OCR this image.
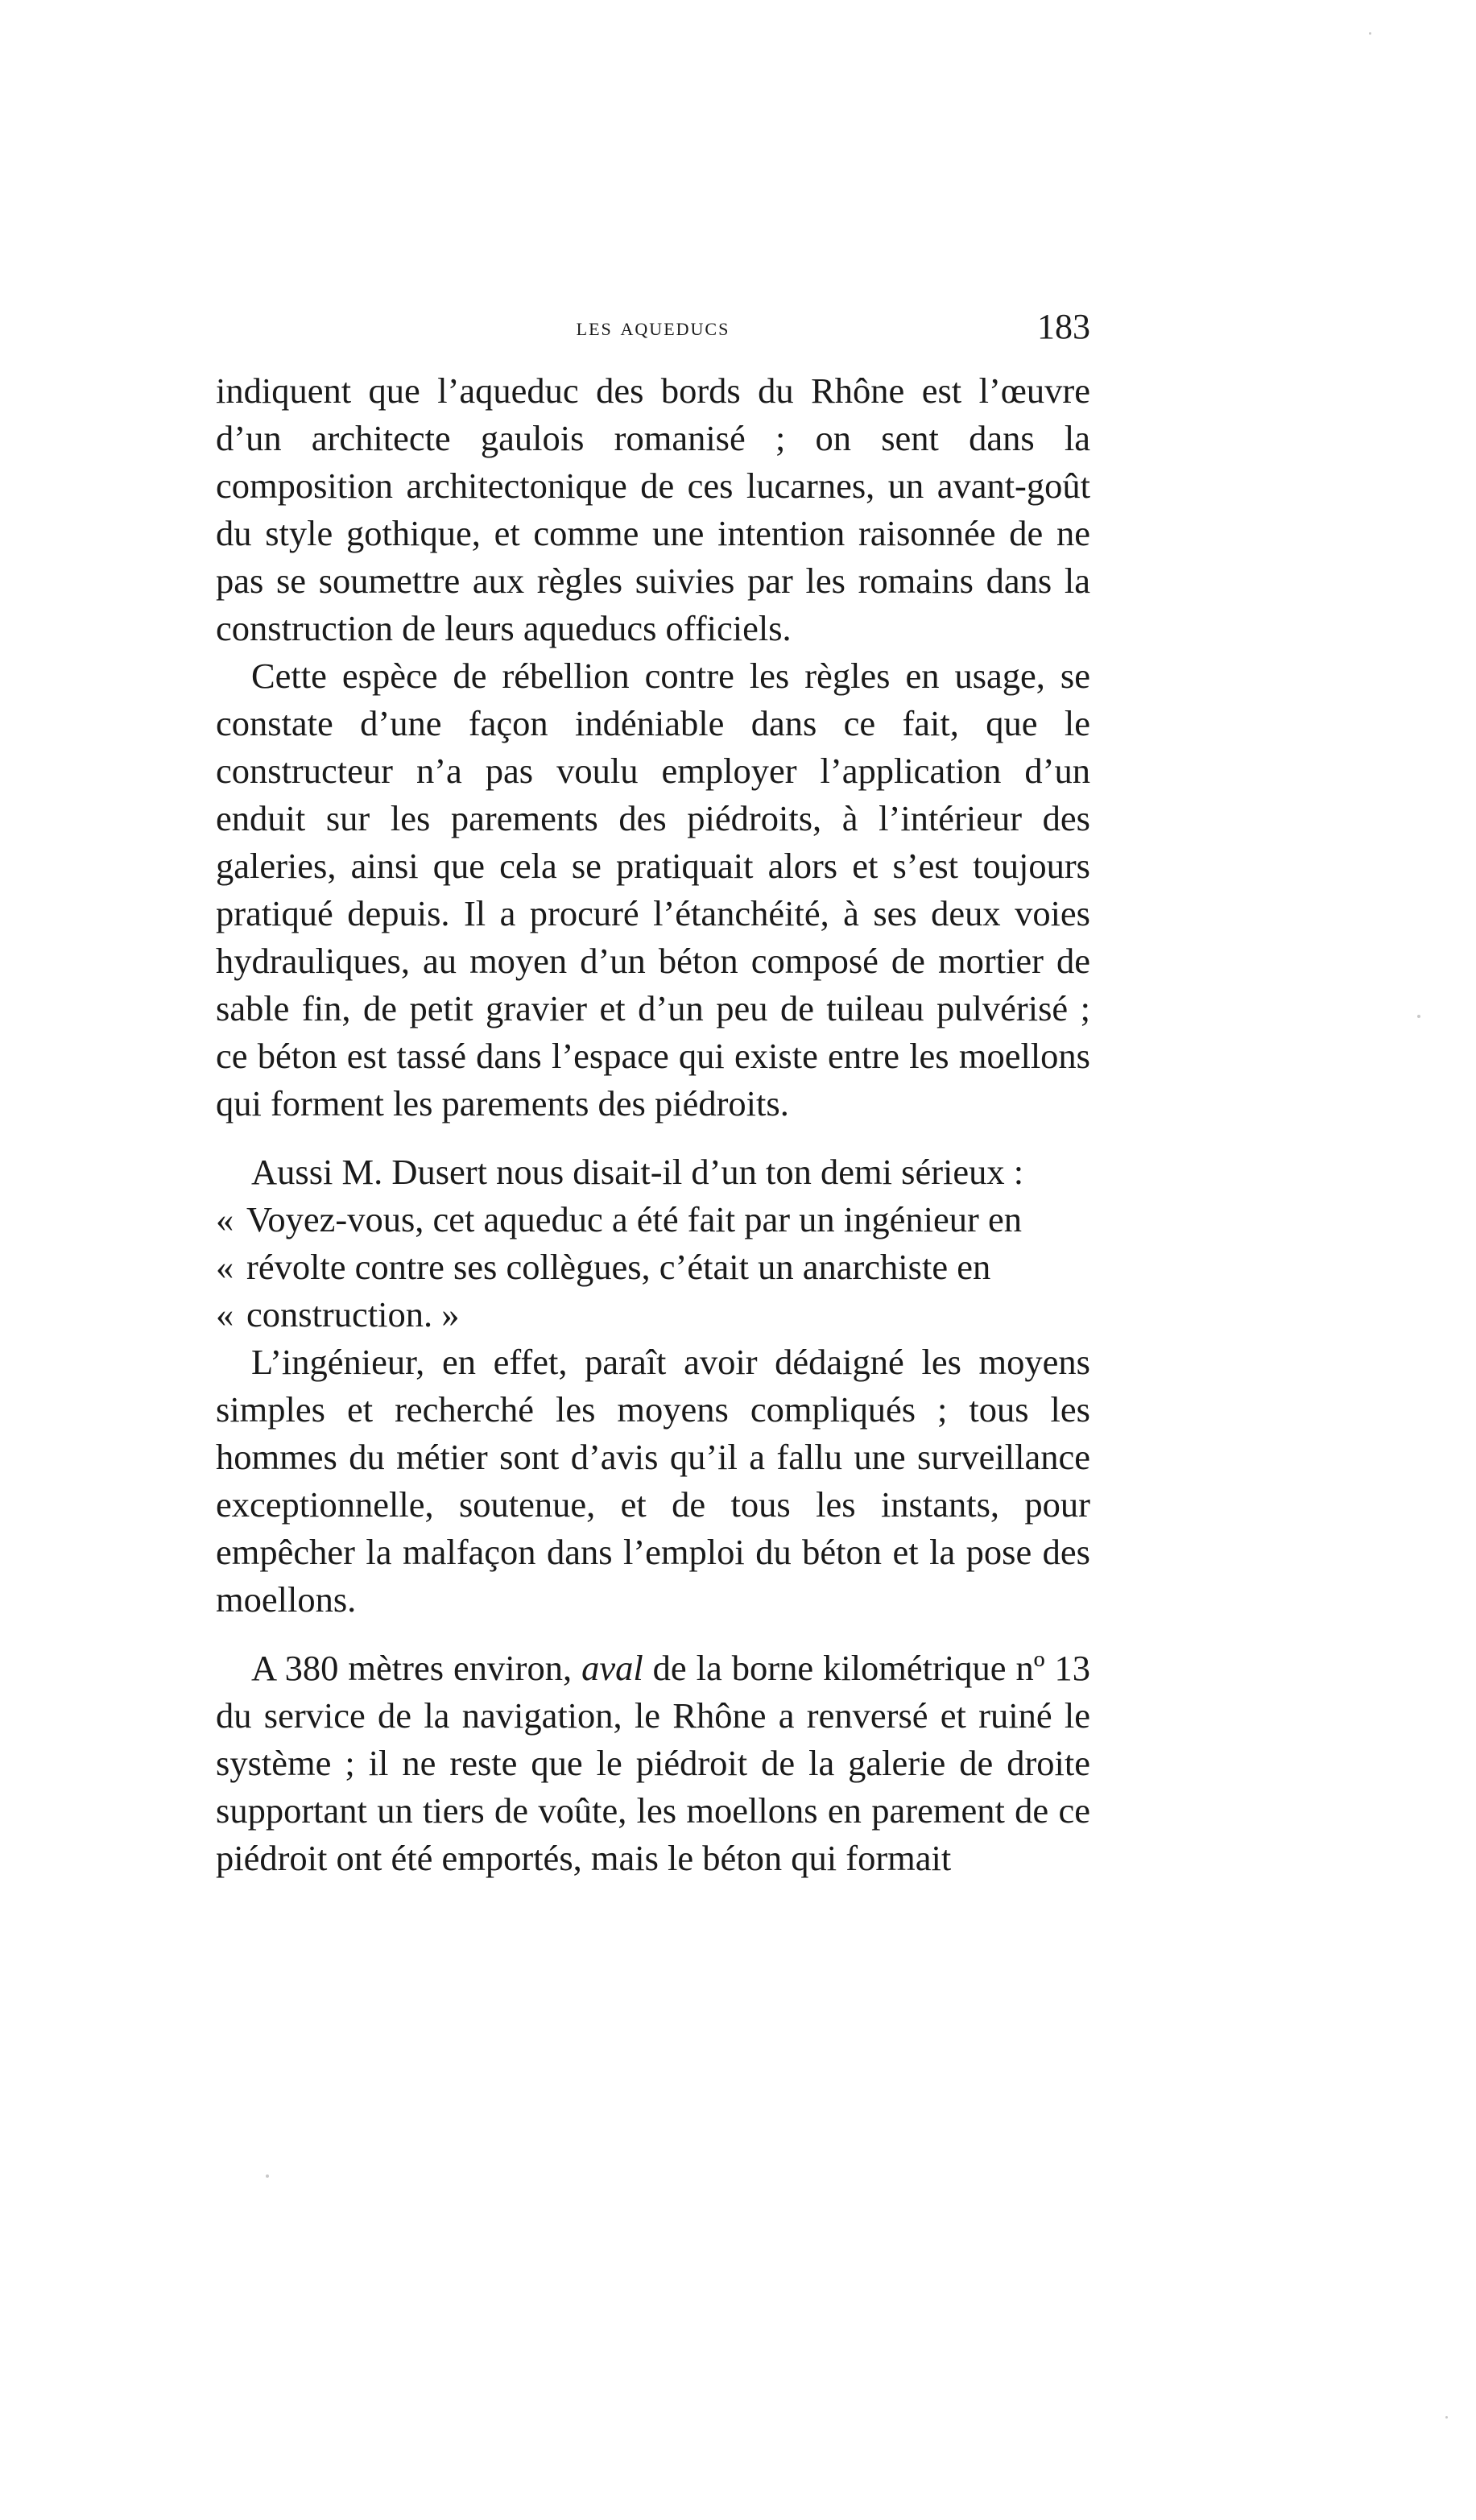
les aqueducs	183

indiquent que l’aqueduc des bords du Rhône est l’œuvre d’un architecte gaulois romanisé ; on sent dans la composition architectonique de ces lucarnes, un avant-goût du style gothique, et comme une intention raisonnée de ne pas se soumettre aux règles suivies par les romains dans la construction de leurs aqueducs officiels.

Cette espèce de rébellion contre les règles en usage, se constate d’une façon indéniable dans ce fait, que le constructeur n’a pas voulu employer l’application d’un enduit sur les parements des piédroits, à l’intérieur des galeries, ainsi que cela se pratiquait alors et s’est toujours pratiqué depuis. Il a procuré l’étanchéité, à ses deux voies hydrauliques, au moyen d’un béton composé de mortier de sable fin, de petit gravier et d’un peu de tuileau pulvérisé ; ce béton est tassé dans l’espace qui existe entre les moellons qui forment les parements des piédroits.

Aussi M. Dusert nous disait-il d’un ton demi sérieux :

« Voyez-vous, cet aqueduc a été fait par un ingénieur en

« révolte contre ses collègues, c’était un anarchiste en

« construction. »

L’ingénieur, en effet, paraît avoir dédaigné les moyens simples et recherché les moyens compliqués ; tous les hommes du métier sont d’avis qu’il a fallu une surveillance exceptionnelle, soutenue, et de tous les instants, pour empêcher la malfaçon dans l’emploi du béton et la pose des moellons.

A 380 mètres environ, aval de la borne kilométrique nº 13 du service de la navigation, le Rhône a renversé et ruiné le système ; il ne reste que le piédroit de la galerie de droite supportant un tiers de voûte, les moellons en parement de ce piédroit ont été emportés, mais le béton qui formait
